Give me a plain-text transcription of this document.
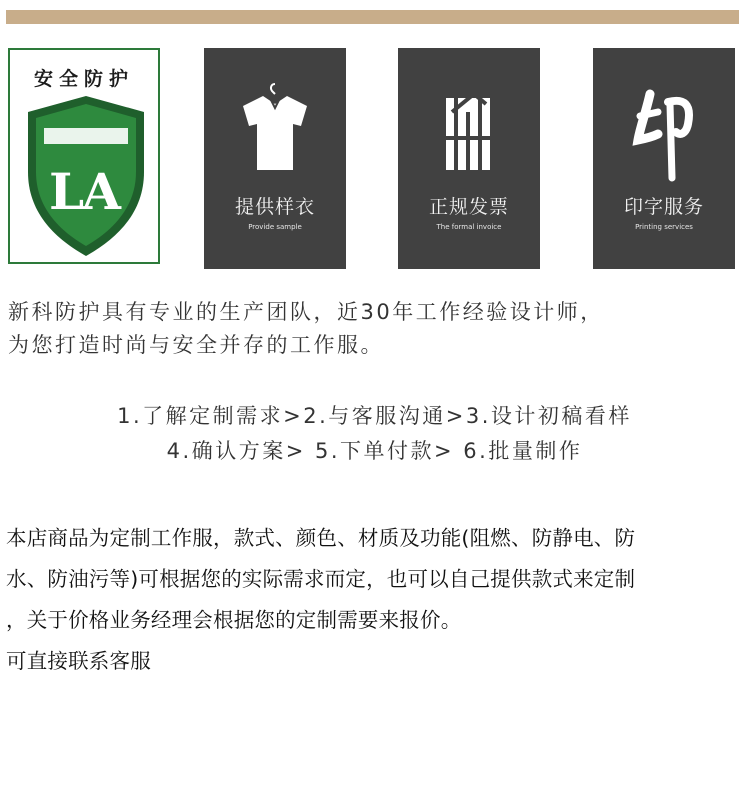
安全防护
LA	提供样衣
Provide sample
正规发票
The formal invoice
印字服务
Printing services
新科防护具有专业的生产团队，近30年工作经验设计师，
为您打造时尚与安全并存的工作服。
1.了解定制需求>2.与客服沟通>3.设计初稿看样
4.确认方案> 5.下单付款> 6.批量制作

本店商品为定制工作服，款式、颜色、材质及功能(阻燃、防静电、防

水、防油污等)可根据您的实际需求而定，也可以自己提供款式来定制

，关于价格业务经理会根据您的定制需要来报价。

可直接联系客服
